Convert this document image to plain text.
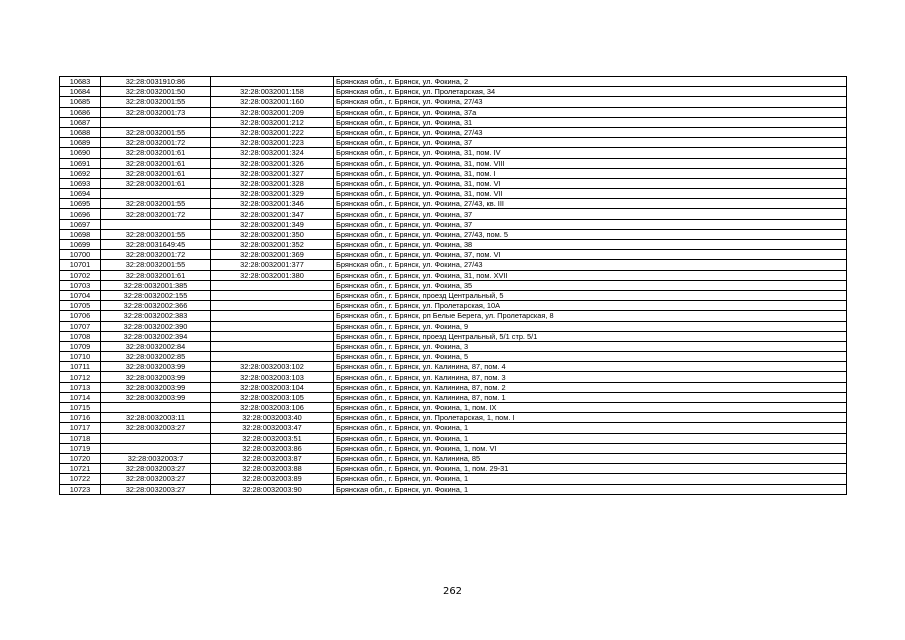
10683	32:28:0031910:86		Брянская обл., г. Брянск, ул. Фокина, 2
10684	32:28:0032001:50	32:28:0032001:158	Брянская обл., г. Брянск, ул. Пролетарская, 34
10685	32:28:0032001:55	32:28:0032001:160	Брянская обл., г. Брянск, ул. Фокина, 27/43
10686	32:28:0032001:73	32:28:0032001:209	Брянская обл., г. Брянск, ул. Фокина, 37а
10687		32:28:0032001:212	Брянская обл., г. Брянск, ул. Фокина, 31
10688	32:28:0032001:55	32:28:0032001:222	Брянская обл., г. Брянск, ул. Фокина, 27/43
10689	32:28:0032001:72	32:28:0032001:223	Брянская обл., г. Брянск, ул. Фокина, 37
10690	32:28:0032001:61	32:28:0032001:324	Брянская обл., г. Брянск, ул. Фокина, 31, пом. IV
10691	32:28:0032001:61	32:28:0032001:326	Брянская обл., г. Брянск, ул. Фокина, 31, пом. VIII
10692	32:28:0032001:61	32:28:0032001:327	Брянская обл., г. Брянск, ул. Фокина, 31, пом. I
10693	32:28:0032001:61	32:28:0032001:328	Брянская обл., г. Брянск, ул. Фокина, 31, пом. VI
10694		32:28:0032001:329	Брянская обл., г. Брянск, ул. Фокина, 31, пом. VII
10695	32:28:0032001:55	32:28:0032001:346	Брянская обл., г. Брянск, ул. Фокина, 27/43, кв. III
10696	32:28:0032001:72	32:28:0032001:347	Брянская обл., г. Брянск, ул. Фокина, 37
10697		32:28:0032001:349	Брянская обл., г. Брянск, ул. Фокина, 37
10698	32:28:0032001:55	32:28:0032001:350	Брянская обл., г. Брянск, ул. Фокина, 27/43, пом. 5
10699	32:28:0031649:45	32:28:0032001:352	Брянская обл., г. Брянск, ул. Фокина, 38
10700	32:28:0032001:72	32:28:0032001:369	Брянская обл., г. Брянск, ул. Фокина, 37, пом. VI
10701	32:28:0032001:55	32:28:0032001:377	Брянская обл., г. Брянск, ул. Фокина, 27/43
10702	32:28:0032001:61	32:28:0032001:380	Брянская обл., г. Брянск, ул. Фокина, 31, пом. XVII
10703	32:28:0032001:385		Брянская обл., г. Брянск, ул. Фокина, 35
10704	32:28:0032002:155		Брянская обл., г. Брянск, проезд Центральный, 5
10705	32:28:0032002:366		Брянская обл., г. Брянск, ул. Пролетарская, 10А
10706	32:28:0032002:383		Брянская обл., г. Брянск, рп Белые Берега, ул. Пролетарская, 8
10707	32:28:0032002:390		Брянская обл., г. Брянск, ул. Фокина, 9
10708	32:28:0032002:394		Брянская обл., г. Брянск, проезд Центральный, 5/1 стр. 5/1
10709	32:28:0032002:84		Брянская обл., г. Брянск, ул. Фокина, 3
10710	32:28:0032002:85		Брянская обл., г. Брянск, ул. Фокина, 5
10711	32:28:0032003:99	32:28:0032003:102	Брянская обл., г. Брянск, ул. Калинина, 87, пом. 4
10712	32:28:0032003:99	32:28:0032003:103	Брянская обл., г. Брянск, ул. Калинина, 87, пом. 3
10713	32:28:0032003:99	32:28:0032003:104	Брянская обл., г. Брянск, ул. Калинина, 87, пом. 2
10714	32:28:0032003:99	32:28:0032003:105	Брянская обл., г. Брянск, ул. Калинина, 87, пом. 1
10715		32:28:0032003:106	Брянская обл., г. Брянск, ул. Фокина, 1, пом. IX
10716	32:28:0032003:11	32:28:0032003:40	Брянская обл., г. Брянск, ул. Пролетарская, 1, пом. I
10717	32:28:0032003:27	32:28:0032003:47	Брянская обл., г. Брянск, ул. Фокина, 1
10718		32:28:0032003:51	Брянская обл., г. Брянск, ул. Фокина, 1
10719		32:28:0032003:86	Брянская обл., г. Брянск, ул. Фокина, 1, пом. VI
10720	32:28:0032003:7	32:28:0032003:87	Брянская обл., г. Брянск, ул. Калинина, 85
10721	32:28:0032003:27	32:28:0032003:88	Брянская обл., г. Брянск, ул. Фокина, 1, пом. 29-31
10722	32:28:0032003:27	32:28:0032003:89	Брянская обл., г. Брянск, ул. Фокина, 1
10723	32:28:0032003:27	32:28:0032003:90	Брянская обл., г. Брянск, ул. Фокина, 1
262
